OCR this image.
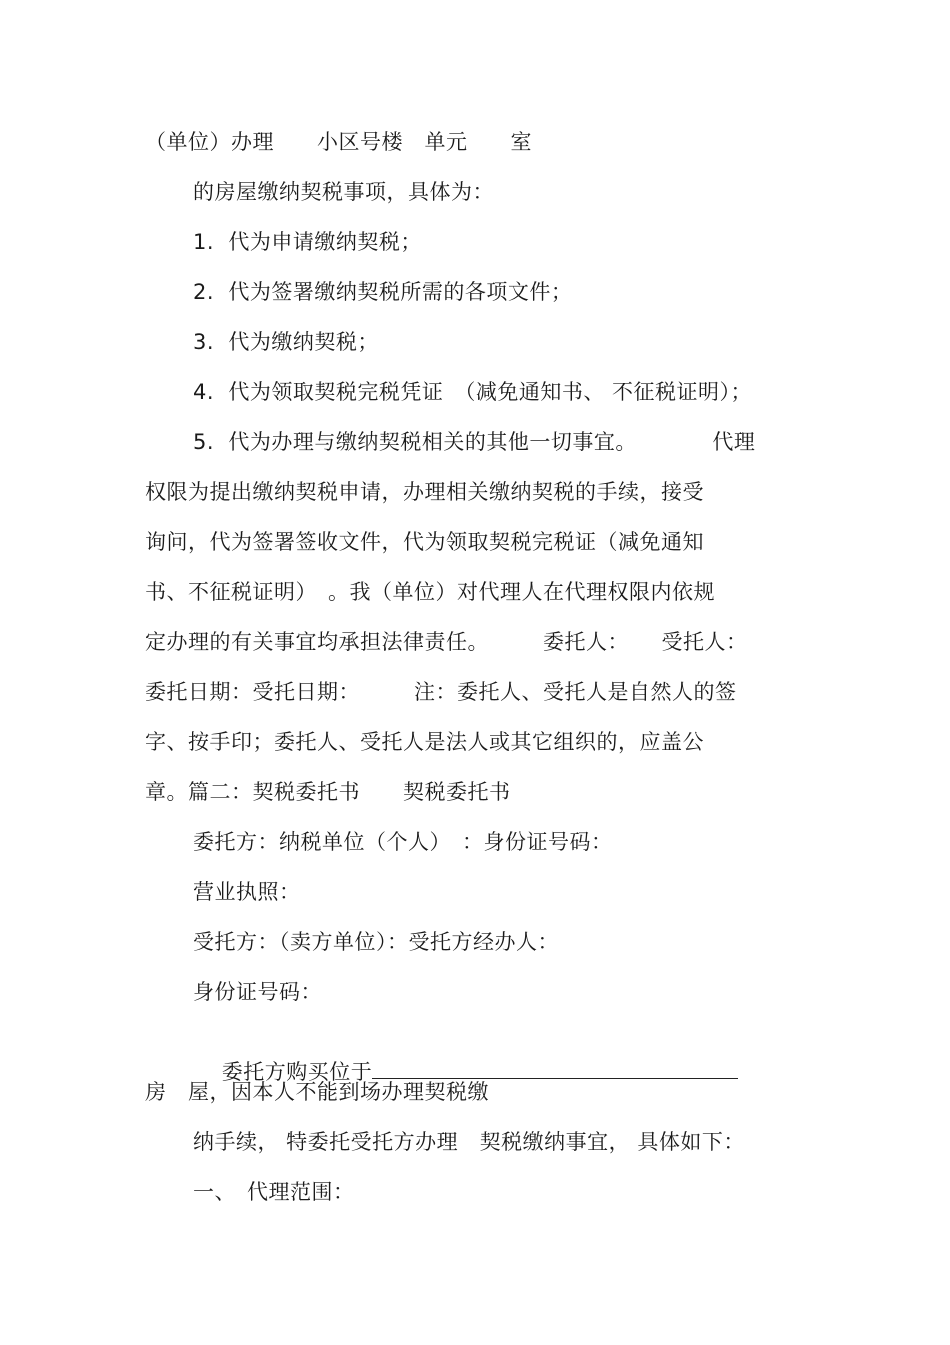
（单位）办理　　小区号楼　单元　　室
的房屋缴纳契税事项，具体为：
1.  代为申请缴纳契税；
2.  代为签署缴纳契税所需的各项文件；
3.  代为缴纳契税；
4.  代为领取契税完税凭证　（减免通知书、 不征税证明）；
5.  代为办理与缴纳契税相关的其他一切事宜。　　　　代理
权限为提出缴纳契税申请，办理相关缴纳契税的手续，接受
询问，代为签署签收文件，代为领取契税完税证（减免通知
书、不征税证明）　。我（单位）对代理人在代理权限内依规
定办理的有关事宜均承担法律责任。　　　委托人：　　受托人：
委托日期：受托日期：　　　注：委托人、受托人是自然人的签
字、按手印；委托人、受托人是法人或其它组织的，应盖公
章。篇二：契税委托书　　契税委托书
委托方：纳税单位（个人）　：身份证号码：
营业执照：
受托方：（卖方单位）：受托方经办人：
身份证号码：

委托方购买位于

房　屋，因本人不能到场办理契税缴
纳手续， 特委托受托方办理　契税缴纳事宜， 具体如下：
一、　代理范围：
